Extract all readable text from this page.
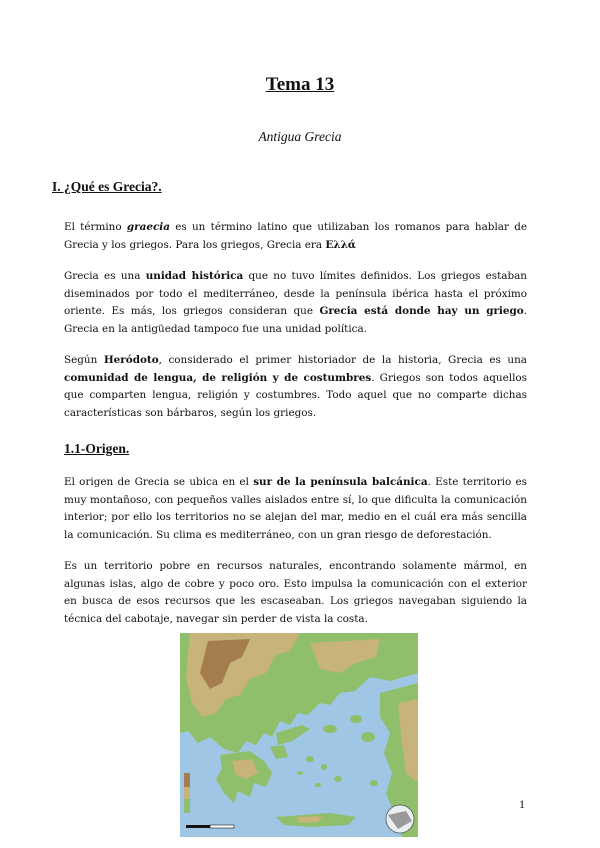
Tema 13
Antigua Grecia
I. ¿Qué es Grecia?.

El término graecia es un término latino que utilizaban los romanos para hablar de Grecia y los griegos. Para los griegos, Grecia era Ελλά

Grecia es una unidad histórica que no tuvo límites definidos. Los griegos estaban diseminados por todo el mediterráneo, desde la península ibérica hasta el próximo oriente. Es más, los griegos consideran que Grecia está donde hay un griego. Grecia en la antigüedad tampoco fue una unidad política.

Según Heródoto, considerado el primer historiador de la historia, Grecia es una comunidad de lengua, de religión y de costumbres. Griegos son todos aquellos que comparten lengua, religión y costumbres. Todo aquel que no comparte dichas características son bárbaros, según los griegos.

1.1-Origen.

El origen de Grecia se ubica en el sur de la península balcánica. Este territorio es muy montañoso, con pequeños valles aislados entre sí, lo que dificulta la comunicación interior; por ello los territorios no se alejan del mar, medio en el cuál era más sencilla la comunicación. Su clima es mediterráneo, con un gran riesgo de deforestación.

Es un territorio pobre en recursos naturales, encontrando solamente mármol, en algunas islas, algo de cobre y poco oro. Esto impulsa la comunicación con el exterior en busca de esos recursos que les escaseaban. Los griegos navegaban siguiendo la técnica del cabotaje, navegar sin perder de vista la costa.

1
